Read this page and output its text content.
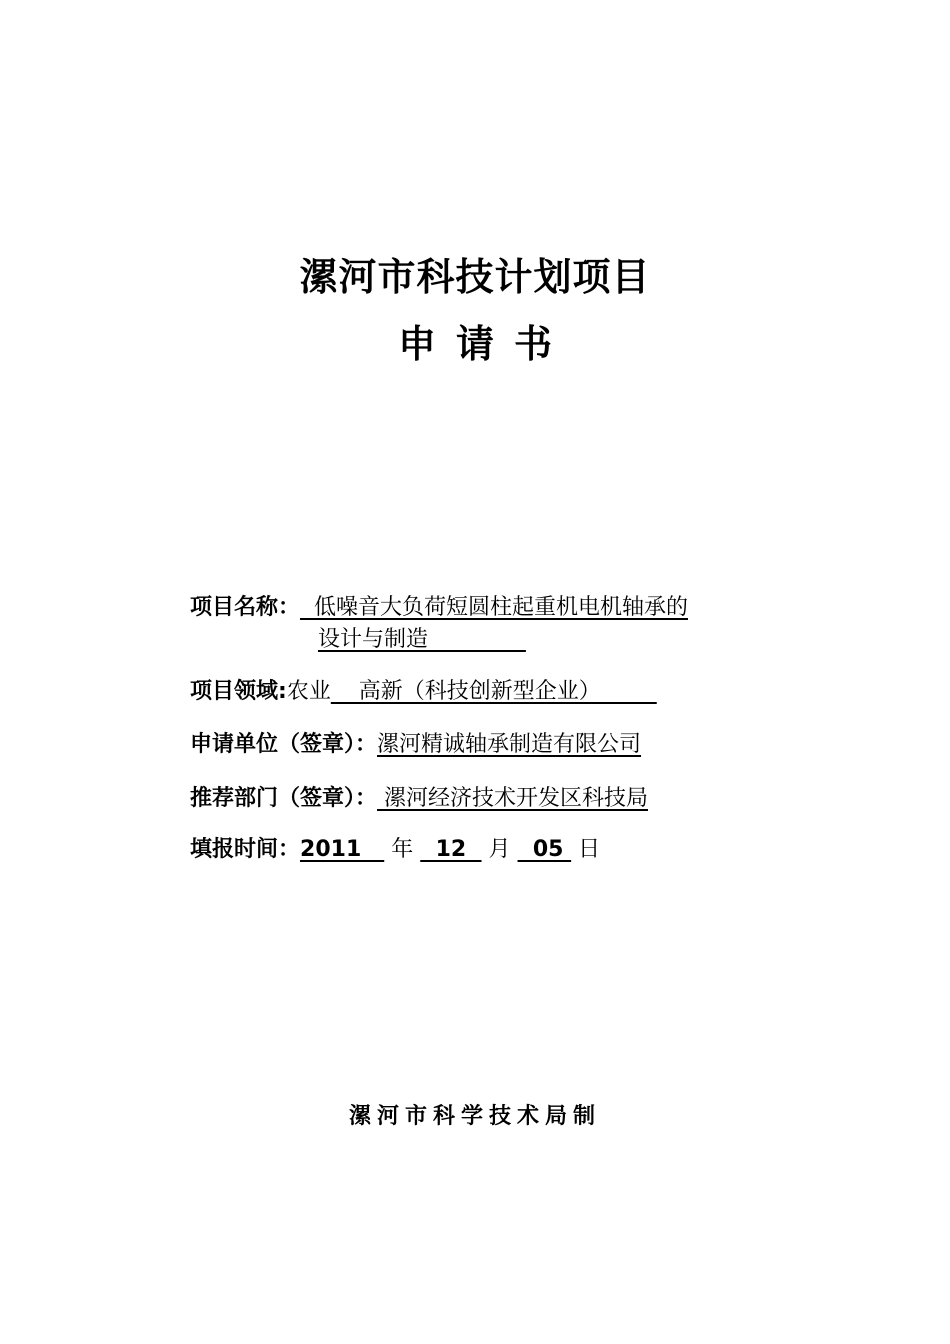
漯河市科技计划项目
申请书
项目名称：  低噪音大负荷短圆柱起重机电机轴承的
设计与制造
项目领域:农业    高新（科技创新型企业）
申请单位（签章）：漯河精诚轴承制造有限公司
推荐部门（签章）： 漯河经济技术开发区科技局
填报时间：2011    年   12   月   05  日
漯河市科学技术局制
